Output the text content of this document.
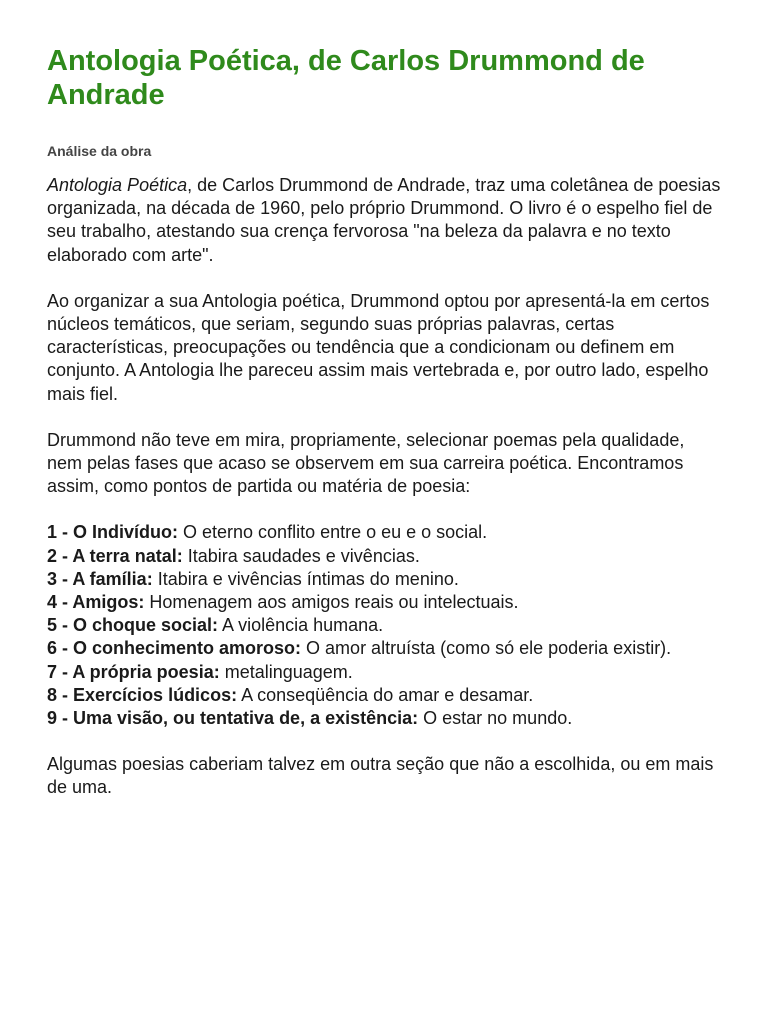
Antologia Poética, de Carlos Drummond de Andrade
Análise da obra

Antologia Poética, de Carlos Drummond de Andrade, traz uma coletânea de poesias organizada, na década de 1960, pelo próprio Drummond. O livro é o espelho fiel de seu trabalho, atestando sua crença fervorosa "na beleza da palavra e no texto elaborado com arte".

Ao organizar a sua Antologia poética, Drummond optou por apresentá-la em certos núcleos temáticos, que seriam, segundo suas próprias palavras, certas características, preocupações ou tendência que a condicionam ou definem em conjunto. A Antologia lhe pareceu assim mais vertebrada e, por outro lado, espelho mais fiel.

Drummond não teve em mira, propriamente, selecionar poemas pela qualidade, nem pelas fases que acaso se observem em sua carreira poética. Encontramos assim, como pontos de partida ou matéria de poesia:

1 - O Indivíduo: O eterno conflito entre o eu e o social.
2 - A terra natal: Itabira saudades e vivências.
3 - A família: Itabira e vivências íntimas do menino.
4 - Amigos: Homenagem aos amigos reais ou intelectuais.
5 - O choque social: A violência humana.
6 - O conhecimento amoroso: O amor altruísta (como só ele poderia existir).
7 - A própria poesia: metalinguagem.
8 - Exercícios lúdicos: A conseqüência do amar e desamar.
9 - Uma visão, ou tentativa de, a existência: O estar no mundo.

Algumas poesias caberiam talvez em outra seção que não a escolhida, ou em mais de uma.
